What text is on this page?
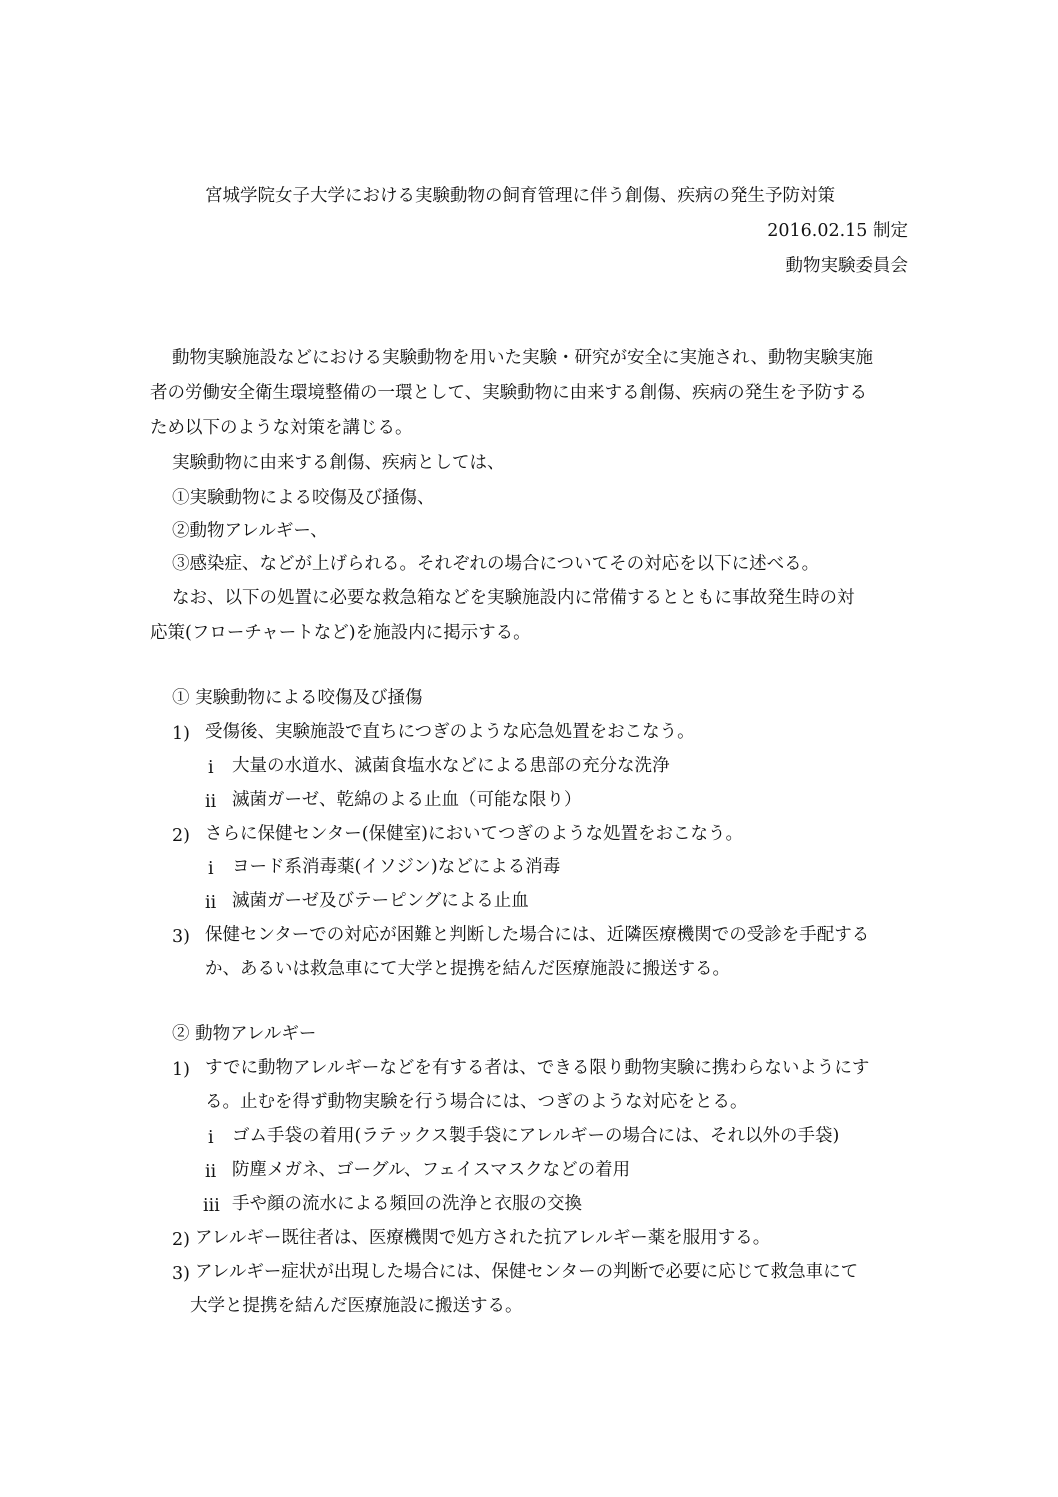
宮城学院女子大学における実験動物の飼育管理に伴う創傷、疾病の発生予防対策
2016.02.15 制定
動物実験委員会
動物実験施設などにおける実験動物を用いた実験・研究が安全に実施され、動物実験実施
者の労働安全衛生環境整備の一環として、実験動物に由来する創傷、疾病の発生を予防する
ため以下のような対策を講じる。
実験動物に由来する創傷、疾病としては、
①実験動物による咬傷及び掻傷、
②動物アレルギー、
③感染症、などが上げられる。それぞれの場合についてその対応を以下に述べる。
なお、以下の処置に必要な救急箱などを実験施設内に常備するとともに事故発生時の対
応策(フローチャートなど)を施設内に掲示する。
① 実験動物による咬傷及び掻傷
1) 受傷後、実験施設で直ちにつぎのような応急処置をおこなう。
ⅰ 大量の水道水、滅菌食塩水などによる患部の充分な洗浄
ⅱ 滅菌ガーゼ、乾綿のよる止血（可能な限り）
2) さらに保健センター(保健室)においてつぎのような処置をおこなう。
ⅰ ヨード系消毒薬(イソジン)などによる消毒
ⅱ 滅菌ガーゼ及びテーピングによる止血
3) 保健センターでの対応が困難と判断した場合には、近隣医療機関での受診を手配する
か、あるいは救急車にて大学と提携を結んだ医療施設に搬送する。
② 動物アレルギー
1) すでに動物アレルギーなどを有する者は、できる限り動物実験に携わらないようにす
る。止むを得ず動物実験を行う場合には、つぎのような対応をとる。
ⅰ ゴム手袋の着用(ラテックス製手袋にアレルギーの場合には、それ以外の手袋)
ⅱ 防塵メガネ、ゴーグル、フェイスマスクなどの着用
ⅲ 手や顔の流水による頻回の洗浄と衣服の交換
2) アレルギー既往者は、医療機関で処方された抗アレルギー薬を服用する。
3) アレルギー症状が出現した場合には、保健センターの判断で必要に応じて救急車にて
大学と提携を結んだ医療施設に搬送する。
